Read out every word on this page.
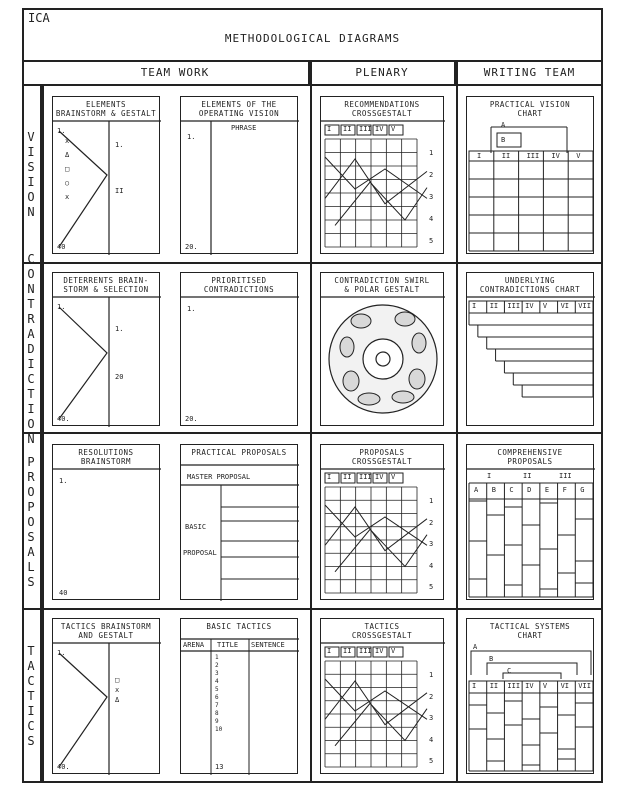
ICA
METHODOLOGICAL DIAGRAMS
TEAM WORK	PLENARY	WRITING TEAM
V
I
S
I
O
N
C
O
N
T
R
A
D
I
C
T
I
O
N
P
R
O
P
O
S
A
L
S
T
A
C
T
I
C
S
ELEMENTS
BRAINSTORM & GESTALT
1.
x
Δ
□
○
x
40
1.
II
ELEMENTS OF THE
OPERATING VISION
PHRASE
1.
20.
RECOMMENDATIONS
CROSSGESTALT
I II III IV V
1
2
3
4
5
PRACTICAL VISION
CHART
A
B
I	II III IV V
DETERRENTS BRAIN-
STORM & SELECTION
1.
40.
1.
20
PRIORITISED
CONTRADICTIONS
1.
20.
CONTRADICTION SWIRL
& POLAR GESTALT
UNDERLYING
CONTRADICTIONS CHART
I II III IV V VI VII
RESOLUTIONS
BRAINSTORM
1.
40
PRACTICAL PROPOSALS
MASTER PROPOSAL
BASIC
PROPOSAL
PROPOSALS
CROSSGESTALT
I II III IV V
1
2
3
4
5
COMPREHENSIVE
PROPOSALS
I	II	III
A B C D E F G
TACTICS BRAINSTORM
AND GESTALT
1.
40.
□
x
Δ
BASIC TACTICS
ARENA TITLE SENTENCE
13
1
2
3
4
5
6
7
8
9
10
TACTICS
CROSSGESTALT
I II III IV V
1
2
3
4
5
TACTICAL SYSTEMS
CHART
A
B
C
I II III IV V VI VII
